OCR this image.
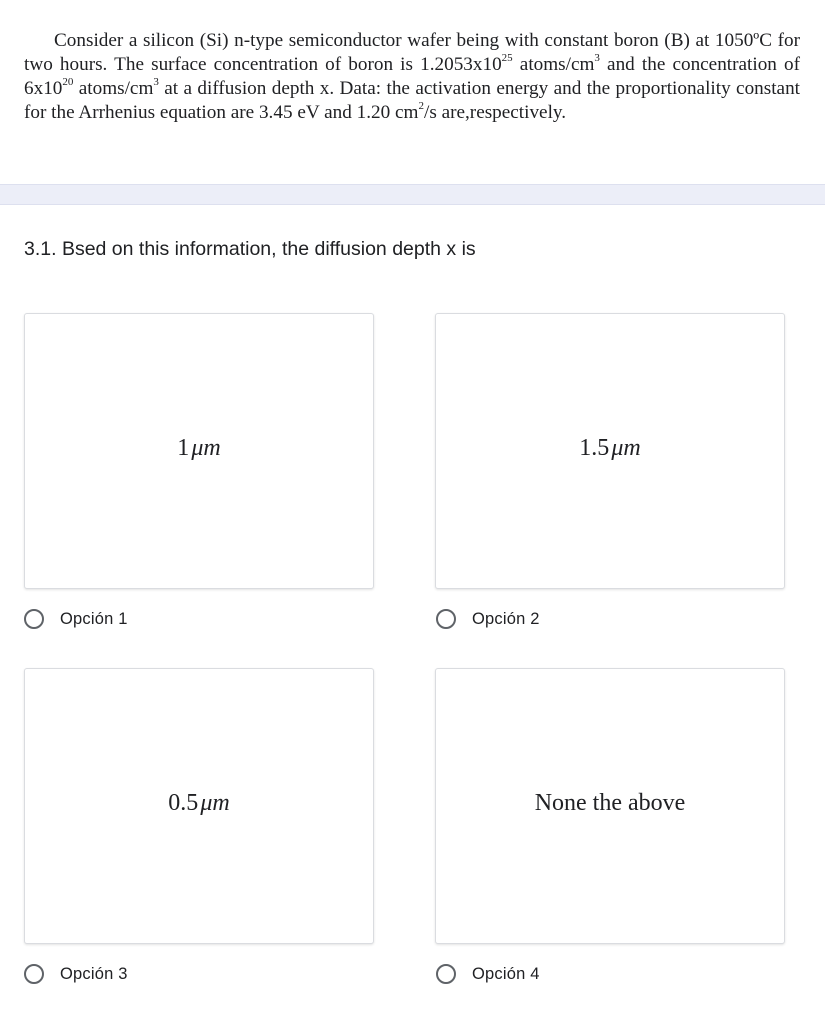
Consider a silicon (Si) n-type semiconductor wafer being with constant boron (B) at 1050ºC for two hours. The surface concentration of boron is $1.2053x10^{25}$ atoms/$cm^3$ and the concentration of $6x10^{20}$ atoms/$cm^3$ at a diffusion depth x. Data: the activation energy and the proportionality constant for the Arrhenius equation are 3.45 eV and 1.20 $cm^2/s$ are,respectively.

3.1. Bsed on this information, the diffusion depth x is

1 μm
Opción 1
1.5 μm
Opción 2
0.5 μm
Opción 3
None the above
Opción 4
